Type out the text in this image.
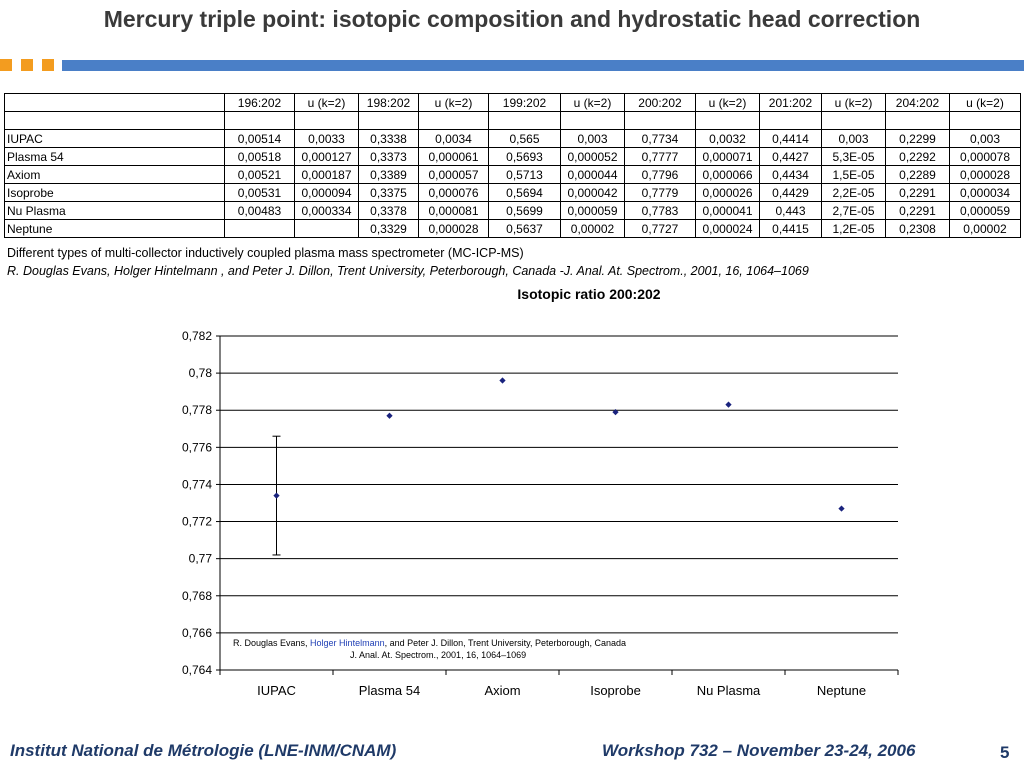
Mercury triple point: isotopic composition and hydrostatic head correction
	196:202	u (k=2)	198:202	u (k=2)	199:202	u (k=2)	200:202	u (k=2)	201:202	u (k=2)	204:202	u (k=2)

IUPAC	0,00514	0,0033	0,3338	0,0034	0,565	0,003	0,7734	0,0032	0,4414	0,003	0,2299	0,003
Plasma 54	0,00518	0,000127	0,3373	0,000061	0,5693	0,000052	0,7777	0,000071	0,4427	5,3E-05	0,2292	0,000078
Axiom	0,00521	0,000187	0,3389	0,000057	0,5713	0,000044	0,7796	0,000066	0,4434	1,5E-05	0,2289	0,000028
Isoprobe	0,00531	0,000094	0,3375	0,000076	0,5694	0,000042	0,7779	0,000026	0,4429	2,2E-05	0,2291	0,000034
Nu Plasma	0,00483	0,000334	0,3378	0,000081	0,5699	0,000059	0,7783	0,000041	0,443	2,7E-05	0,2291	0,000059
Neptune			0,3329	0,000028	0,5637	0,00002	0,7727	0,000024	0,4415	1,2E-05	0,2308	0,00002
Different types of multi-collector inductively coupled plasma mass spectrometer (MC-ICP-MS)
R. Douglas Evans, Holger Hintelmann , and Peter J. Dillon, Trent University, Peterborough, Canada -J. Anal. At. Spectrom., 2001, 16, 1064–1069
Isotopic ratio 200:202
0,764
0,766
0,768
0,77
0,772
0,774
0,776
0,778
0,78
0,782
IUPAC	Plasma 54	Axiom	Isoprobe	Nu Plasma	Neptune
R. Douglas Evans, Holger Hintelmann, and Peter J. Dillon, Trent University, Peterborough, Canada
J. Anal. At. Spectrom., 2001, 16, 1064–1069
Institut National de Métrologie (LNE-INM/CNAM)	Workshop 732 – November 23-24, 2006	5
